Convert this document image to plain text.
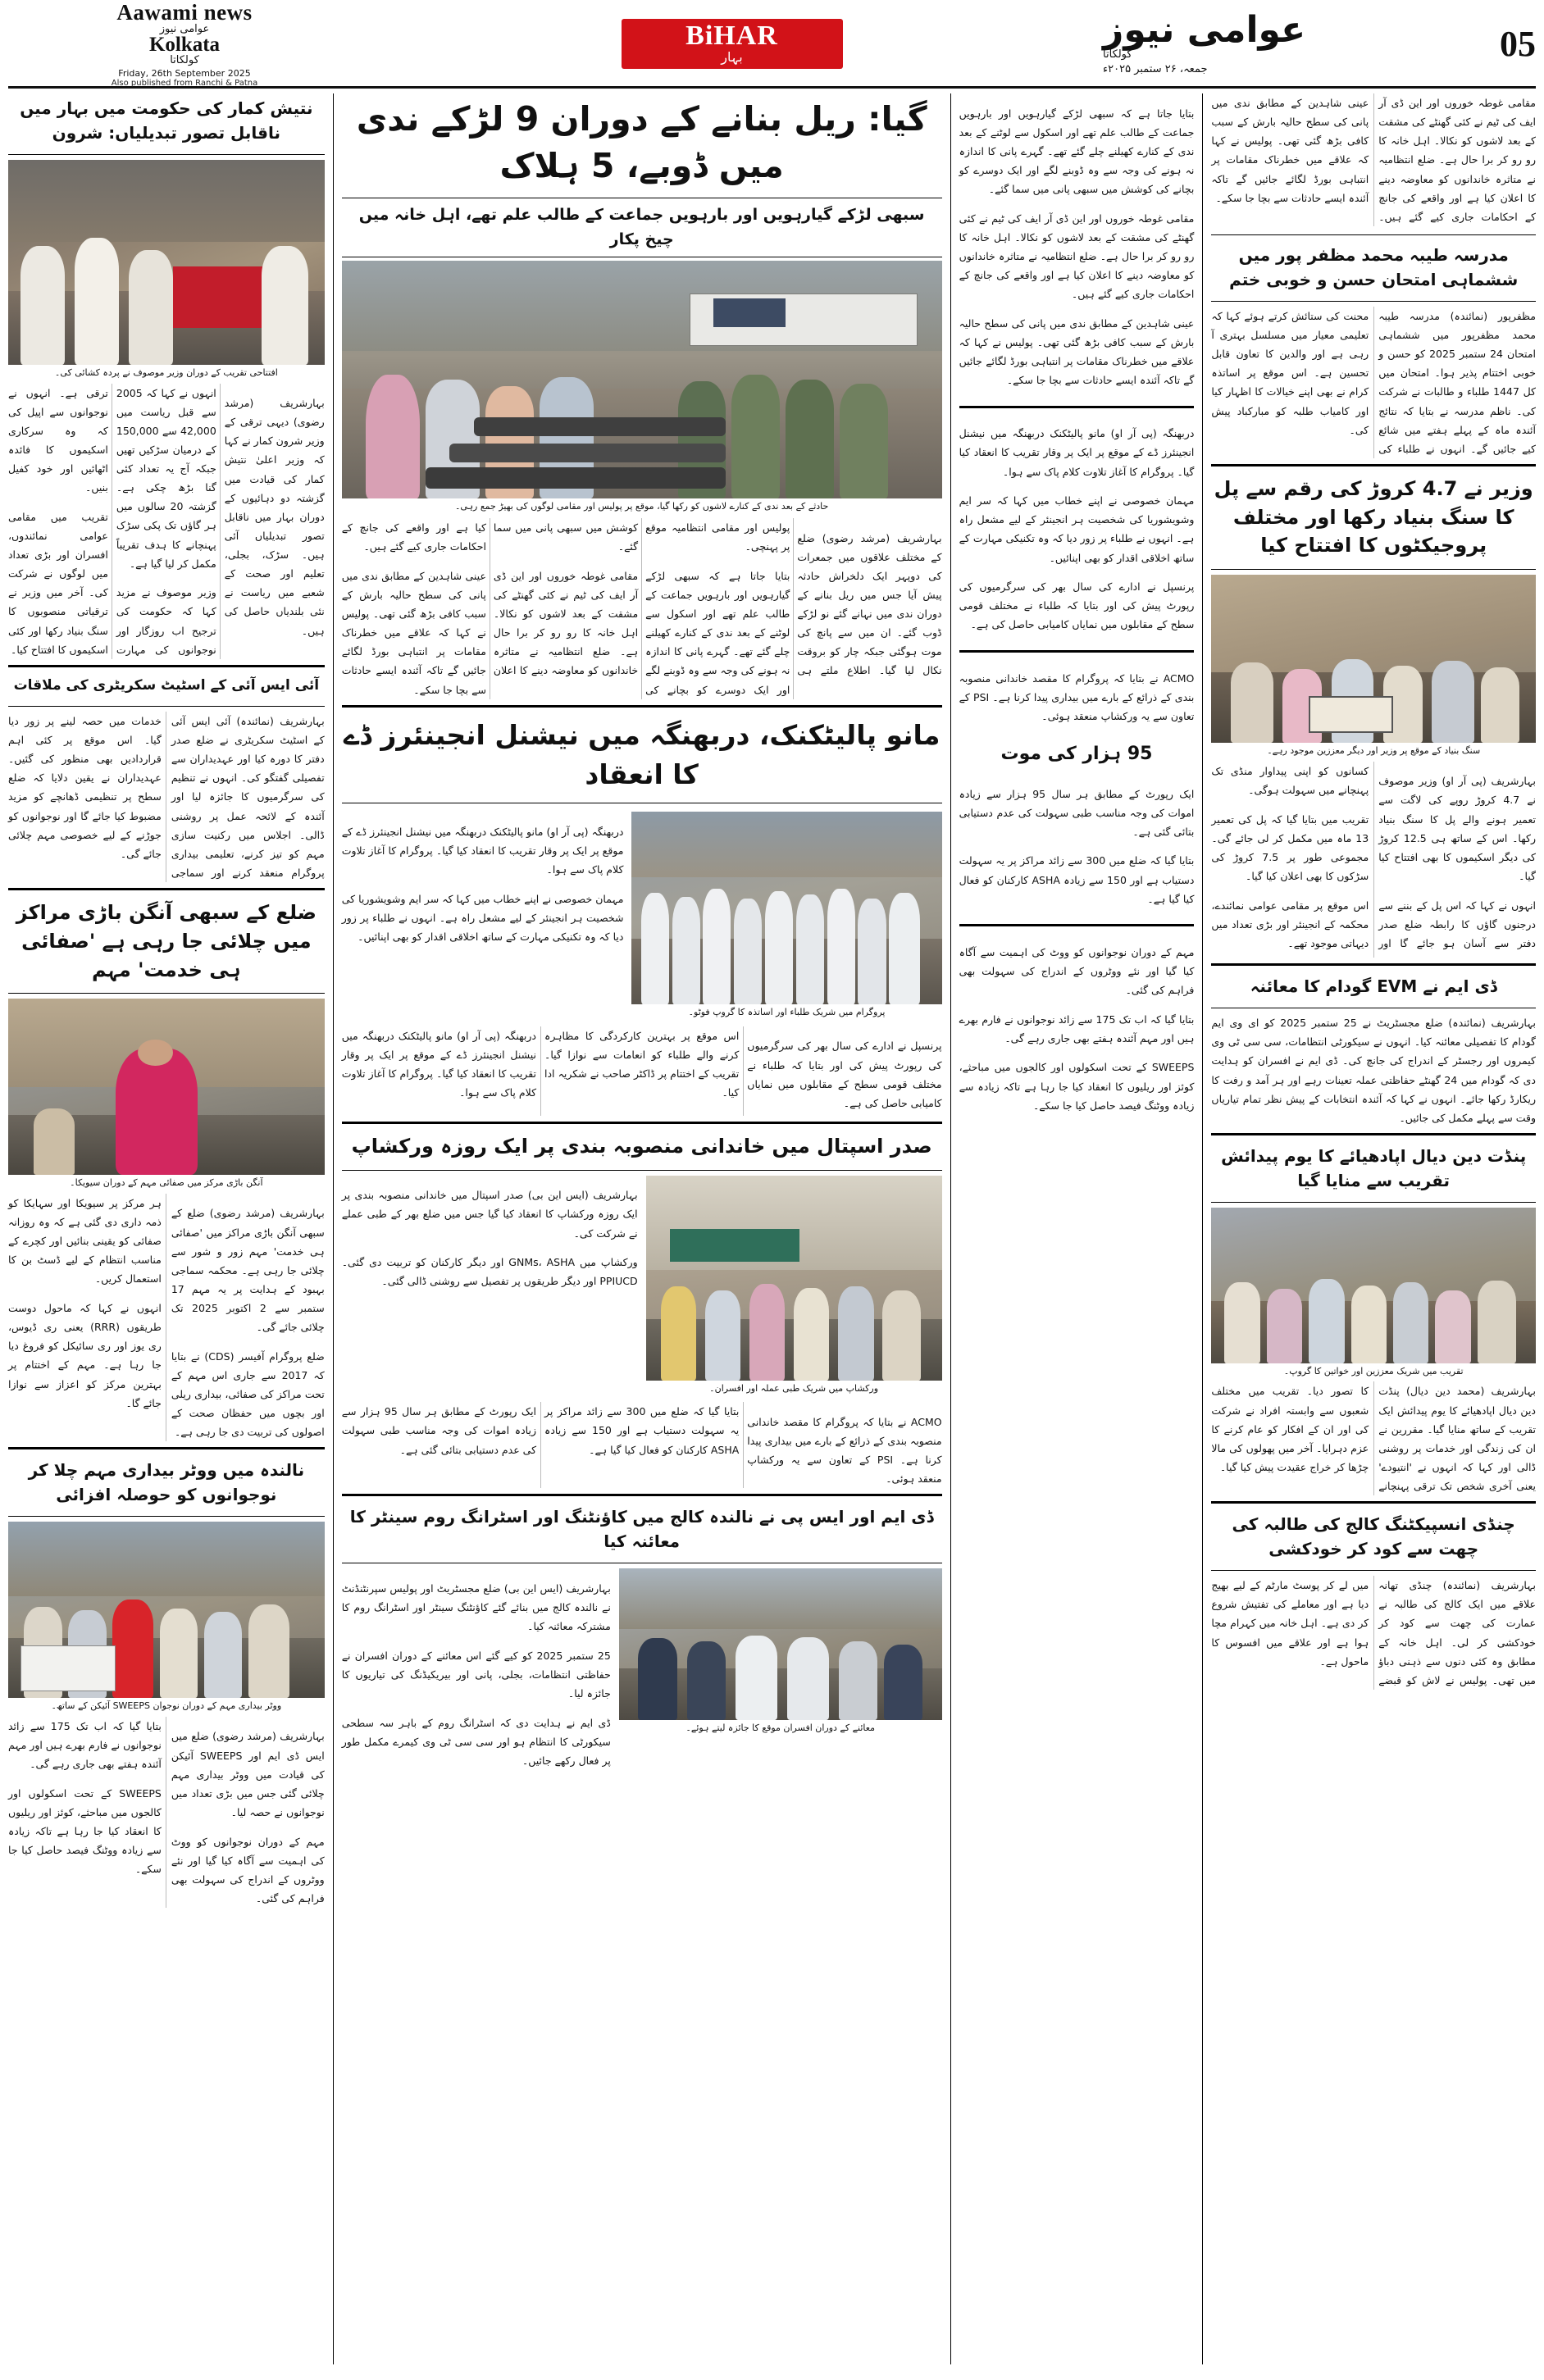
05
عوامی نیوز
کولکاتا
جمعہ، ۲۶ ستمبر ۲۰۲۵ء
BiHAR
بہار
Aawami news
عوامی نیوز
Kolkata
کولکاتا
Friday, 26th September 2025
Also published from Ranchi & Patna
مقامی غوطہ خوروں اور این ڈی آر ایف کی ٹیم نے کئی گھنٹے کی مشقت کے بعد لاشوں کو نکالا۔ اہل خانہ کا رو رو کر برا حال ہے۔ ضلع انتظامیہ نے متاثرہ خاندانوں کو معاوضہ دینے کا اعلان کیا ہے اور واقعے کی جانچ کے احکامات جاری کیے گئے ہیں۔ عینی شاہدین کے مطابق ندی میں پانی کی سطح حالیہ بارش کے سبب کافی بڑھ گئی تھی۔ پولیس نے کہا کہ علاقے میں خطرناک مقامات پر انتباہی بورڈ لگائے جائیں گے تاکہ آئندہ ایسے حادثات سے بچا جا سکے۔
مدرسہ طیبہ محمد مظفر پور میں ششماہی امتحان حسن و خوبی ختم
مظفرپور (نمائندہ) مدرسہ طیبہ محمد مظفرپور میں ششماہی امتحان 24 ستمبر 2025 کو حسن و خوبی اختتام پذیر ہوا۔ امتحان میں کل 1447 طلباء و طالبات نے شرکت کی۔ ناظم مدرسہ نے بتایا کہ نتائج آئندہ ماہ کے پہلے ہفتے میں شائع کیے جائیں گے۔ انہوں نے طلباء کی محنت کی ستائش کرتے ہوئے کہا کہ تعلیمی معیار میں مسلسل بہتری آ رہی ہے اور والدین کا تعاون قابل تحسین ہے۔ اس موقع پر اساتذہ کرام نے بھی اپنے خیالات کا اظہار کیا اور کامیاب طلبہ کو مبارکباد پیش کی۔
وزیر نے 4.7 کروڑ کی رقم سے پل کا سنگ بنیاد رکھا اور مختلف پروجیکٹوں کا افتتاح کیا
سنگ بنیاد کے موقع پر وزیر اور دیگر معززین موجود رہے۔

بہارشریف (پی آر او) وزیر موصوف نے 4.7 کروڑ روپے کی لاگت سے تعمیر ہونے والے پل کا سنگ بنیاد رکھا۔ اس کے ساتھ ہی 12.5 کروڑ کی دیگر اسکیموں کا بھی افتتاح کیا گیا۔

انہوں نے کہا کہ اس پل کے بننے سے درجنوں گاؤں کا رابطہ ضلع صدر دفتر سے آسان ہو جائے گا اور کسانوں کو اپنی پیداوار منڈی تک پہنچانے میں سہولت ہوگی۔

تقریب میں بتایا گیا کہ پل کی تعمیر 13 ماہ میں مکمل کر لی جائے گی۔ مجموعی طور پر 7.5 کروڑ کی سڑکوں کا بھی اعلان کیا گیا۔

اس موقع پر مقامی عوامی نمائندے، محکمہ کے انجینئر اور بڑی تعداد میں دیہاتی موجود تھے۔

ڈی ایم نے EVM گودام کا معائنہ
بہارشریف (نمائندہ) ضلع مجسٹریٹ نے 25 ستمبر 2025 کو ای وی ایم گودام کا تفصیلی معائنہ کیا۔ انہوں نے سیکورٹی انتظامات، سی سی ٹی وی کیمروں اور رجسٹر کے اندراج کی جانچ کی۔ ڈی ایم نے افسران کو ہدایت دی کہ گودام میں 24 گھنٹے حفاظتی عملہ تعینات رہے اور ہر آمد و رفت کا ریکارڈ رکھا جائے۔ انہوں نے کہا کہ آئندہ انتخابات کے پیش نظر تمام تیاریاں وقت سے پہلے مکمل کی جائیں۔
پنڈت دین دیال اپادھیائے کا یوم پیدائش تقریب سے منایا گیا
تقریب میں شریک معززین اور خواتین کا گروپ۔
بہارشریف (محمد دین دیال) پنڈت دین دیال اپادھیائے کا یوم پیدائش ایک تقریب کے ساتھ منایا گیا۔ مقررین نے ان کی زندگی اور خدمات پر روشنی ڈالی اور کہا کہ انہوں نے 'انتیودے' یعنی آخری شخص تک ترقی پہنچانے کا تصور دیا۔ تقریب میں مختلف شعبوں سے وابستہ افراد نے شرکت کی اور ان کے افکار کو عام کرنے کا عزم دہرایا۔ آخر میں پھولوں کی مالا چڑھا کر خراج عقیدت پیش کیا گیا۔
چنڈی انسپیکٹنگ کالج کی طالبہ کی چھت سے کود کر خودکشی
بہارشریف (نمائندہ) چنڈی تھانہ علاقے میں ایک کالج کی طالبہ نے عمارت کی چھت سے کود کر خودکشی کر لی۔ اہل خانہ کے مطابق وہ کئی دنوں سے ذہنی دباؤ میں تھی۔ پولیس نے لاش کو قبضے میں لے کر پوسٹ مارٹم کے لیے بھیج دیا ہے اور معاملے کی تفتیش شروع کر دی ہے۔ اہل خانہ میں کہرام مچا ہوا ہے اور علاقے میں افسوس کا ماحول ہے۔

بتایا جاتا ہے کہ سبھی لڑکے گیارہویں اور بارہویں جماعت کے طالب علم تھے اور اسکول سے لوٹنے کے بعد ندی کے کنارے کھیلنے چلے گئے تھے۔ گہرے پانی کا اندازہ نہ ہونے کی وجہ سے وہ ڈوبنے لگے اور ایک دوسرے کو بچانے کی کوشش میں سبھی پانی میں سما گئے۔

مقامی غوطہ خوروں اور این ڈی آر ایف کی ٹیم نے کئی گھنٹے کی مشقت کے بعد لاشوں کو نکالا۔ اہل خانہ کا رو رو کر برا حال ہے۔ ضلع انتظامیہ نے متاثرہ خاندانوں کو معاوضہ دینے کا اعلان کیا ہے اور واقعے کی جانچ کے احکامات جاری کیے گئے ہیں۔

عینی شاہدین کے مطابق ندی میں پانی کی سطح حالیہ بارش کے سبب کافی بڑھ گئی تھی۔ پولیس نے کہا کہ علاقے میں خطرناک مقامات پر انتباہی بورڈ لگائے جائیں گے تاکہ آئندہ ایسے حادثات سے بچا جا سکے۔

دربھنگہ (پی آر او) مانو پالیٹکنک دربھنگہ میں نیشنل انجینئرز ڈے کے موقع پر ایک پر وقار تقریب کا انعقاد کیا گیا۔ پروگرام کا آغاز تلاوت کلام پاک سے ہوا۔

مہمان خصوصی نے اپنے خطاب میں کہا کہ سر ایم وشویشوریا کی شخصیت ہر انجینئر کے لیے مشعل راہ ہے۔ انہوں نے طلباء پر زور دیا کہ وہ تکنیکی مہارت کے ساتھ اخلاقی اقدار کو بھی اپنائیں۔

پرنسپل نے ادارے کی سال بھر کی سرگرمیوں کی رپورٹ پیش کی اور بتایا کہ طلباء نے مختلف قومی سطح کے مقابلوں میں نمایاں کامیابی حاصل کی ہے۔

ACMO نے بتایا کہ پروگرام کا مقصد خاندانی منصوبہ بندی کے ذرائع کے بارے میں بیداری پیدا کرنا ہے۔ PSI کے تعاون سے یہ ورکشاپ منعقد ہوئی۔

95 ہزار کی موت

ایک رپورٹ کے مطابق ہر سال 95 ہزار سے زیادہ اموات کی وجہ مناسب طبی سہولت کی عدم دستیابی بتائی گئی ہے۔

بتایا گیا کہ ضلع میں 300 سے زائد مراکز پر یہ سہولت دستیاب ہے اور 150 سے زیادہ ASHA کارکنان کو فعال کیا گیا ہے۔

مہم کے دوران نوجوانوں کو ووٹ کی اہمیت سے آگاہ کیا گیا اور نئے ووٹروں کے اندراج کی سہولت بھی فراہم کی گئی۔

بتایا گیا کہ اب تک 175 سے زائد نوجوانوں نے فارم بھرے ہیں اور مہم آئندہ ہفتے بھی جاری رہے گی۔

SWEEPS کے تحت اسکولوں اور کالجوں میں مباحثے، کوئز اور ریلیوں کا انعقاد کیا جا رہا ہے تاکہ زیادہ سے زیادہ ووٹنگ فیصد حاصل کیا جا سکے۔

گیا: ریل بنانے کے دوران 9 لڑکے ندی میں ڈوبے، 5 ہلاک
سبھی لڑکے گیارہویں اور بارہویں جماعت کے طالب علم تھے، اہل خانہ میں چیخ پکار
حادثے کے بعد ندی کے کنارے لاشوں کو رکھا گیا، موقع پر پولیس اور مقامی لوگوں کی بھیڑ جمع رہی۔

بہارشریف (مرشد رضوی) ضلع کے مختلف علاقوں میں جمعرات کی دوپہر ایک دلخراش حادثہ پیش آیا جس میں ریل بنانے کے دوران ندی میں نہانے گئے نو لڑکے ڈوب گئے۔ ان میں سے پانچ کی موت ہوگئی جبکہ چار کو بروقت نکال لیا گیا۔ اطلاع ملتے ہی پولیس اور مقامی انتظامیہ موقع پر پہنچی۔

بتایا جاتا ہے کہ سبھی لڑکے گیارہویں اور بارہویں جماعت کے طالب علم تھے اور اسکول سے لوٹنے کے بعد ندی کے کنارے کھیلنے چلے گئے تھے۔ گہرے پانی کا اندازہ نہ ہونے کی وجہ سے وہ ڈوبنے لگے اور ایک دوسرے کو بچانے کی کوشش میں سبھی پانی میں سما گئے۔

مقامی غوطہ خوروں اور این ڈی آر ایف کی ٹیم نے کئی گھنٹے کی مشقت کے بعد لاشوں کو نکالا۔ اہل خانہ کا رو رو کر برا حال ہے۔ ضلع انتظامیہ نے متاثرہ خاندانوں کو معاوضہ دینے کا اعلان کیا ہے اور واقعے کی جانچ کے احکامات جاری کیے گئے ہیں۔

عینی شاہدین کے مطابق ندی میں پانی کی سطح حالیہ بارش کے سبب کافی بڑھ گئی تھی۔ پولیس نے کہا کہ علاقے میں خطرناک مقامات پر انتباہی بورڈ لگائے جائیں گے تاکہ آئندہ ایسے حادثات سے بچا جا سکے۔

مانو پالیٹکنک، دربھنگہ میں نیشنل انجینئرز ڈے کا انعقاد
پروگرام میں شریک طلباء اور اساتذہ کا گروپ فوٹو۔

دربھنگہ (پی آر او) مانو پالیٹکنک دربھنگہ میں نیشنل انجینئرز ڈے کے موقع پر ایک پر وقار تقریب کا انعقاد کیا گیا۔ پروگرام کا آغاز تلاوت کلام پاک سے ہوا۔

مہمان خصوصی نے اپنے خطاب میں کہا کہ سر ایم وشویشوریا کی شخصیت ہر انجینئر کے لیے مشعل راہ ہے۔ انہوں نے طلباء پر زور دیا کہ وہ تکنیکی مہارت کے ساتھ اخلاقی اقدار کو بھی اپنائیں۔

پرنسپل نے ادارے کی سال بھر کی سرگرمیوں کی رپورٹ پیش کی اور بتایا کہ طلباء نے مختلف قومی سطح کے مقابلوں میں نمایاں کامیابی حاصل کی ہے۔

اس موقع پر بہترین کارکردگی کا مظاہرہ کرنے والے طلباء کو انعامات سے نوازا گیا۔ تقریب کے اختتام پر ڈاکٹر صاحب نے شکریہ ادا کیا۔

دربھنگہ (پی آر او) مانو پالیٹکنک دربھنگہ میں نیشنل انجینئرز ڈے کے موقع پر ایک پر وقار تقریب کا انعقاد کیا گیا۔ پروگرام کا آغاز تلاوت کلام پاک سے ہوا۔

صدر اسپتال میں خاندانی منصوبہ بندی پر ایک روزہ ورکشاپ
ورکشاپ میں شریک طبی عملہ اور افسران۔

بہارشریف (ایس این بی) صدر اسپتال میں خاندانی منصوبہ بندی پر ایک روزہ ورکشاپ کا انعقاد کیا گیا جس میں ضلع بھر کے طبی عملے نے شرکت کی۔

ورکشاپ میں GNMs، ASHA اور دیگر کارکنان کو تربیت دی گئی۔ PPIUCD اور دیگر طریقوں پر تفصیل سے روشنی ڈالی گئی۔

ACMO نے بتایا کہ پروگرام کا مقصد خاندانی منصوبہ بندی کے ذرائع کے بارے میں بیداری پیدا کرنا ہے۔ PSI کے تعاون سے یہ ورکشاپ منعقد ہوئی۔

بتایا گیا کہ ضلع میں 300 سے زائد مراکز پر یہ سہولت دستیاب ہے اور 150 سے زیادہ ASHA کارکنان کو فعال کیا گیا ہے۔

ایک رپورٹ کے مطابق ہر سال 95 ہزار سے زیادہ اموات کی وجہ مناسب طبی سہولت کی عدم دستیابی بتائی گئی ہے۔

ڈی ایم اور ایس پی نے نالندہ کالج میں کاؤنٹنگ اور اسٹرانگ روم سینٹر کا معائنہ کیا
معائنے کے دوران افسران موقع کا جائزہ لیتے ہوئے۔

بہارشریف (ایس این بی) ضلع مجسٹریٹ اور پولیس سپرنٹنڈنٹ نے نالندہ کالج میں بنائے گئے کاؤنٹنگ سینٹر اور اسٹرانگ روم کا مشترکہ معائنہ کیا۔

25 ستمبر 2025 کو کیے گئے اس معائنے کے دوران افسران نے حفاظتی انتظامات، بجلی، پانی اور بیریکیڈنگ کی تیاریوں کا جائزہ لیا۔

ڈی ایم نے ہدایت دی کہ اسٹرانگ روم کے باہر سہ سطحی سیکورٹی کا انتظام ہو اور سی سی ٹی وی کیمرے مکمل طور پر فعال رکھے جائیں۔

نتیش کمار کی حکومت میں بہار میں ناقابل تصور تبدیلیاں: شرون
افتتاحی تقریب کے دوران وزیر موصوف نے پردہ کشائی کی۔

بہارشریف (مرشد رضوی) دیہی ترقی کے وزیر شرون کمار نے کہا کہ وزیر اعلیٰ نتیش کمار کی قیادت میں گزشتہ دو دہائیوں کے دوران بہار میں ناقابل تصور تبدیلیاں آئی ہیں۔ سڑک، بجلی، تعلیم اور صحت کے شعبے میں ریاست نے نئی بلندیاں حاصل کی ہیں۔

انہوں نے کہا کہ 2005 سے قبل ریاست میں 42,000 سے 150,000 کے درمیان سڑکیں تھیں جبکہ آج یہ تعداد کئی گنا بڑھ چکی ہے۔ گزشتہ 20 سالوں میں ہر گاؤں تک پکی سڑک پہنچانے کا ہدف تقریباً مکمل کر لیا گیا ہے۔

وزیر موصوف نے مزید کہا کہ حکومت کی ترجیح اب روزگار اور نوجوانوں کی مہارت ترقی ہے۔ انہوں نے نوجوانوں سے اپیل کی کہ وہ سرکاری اسکیموں کا فائدہ اٹھائیں اور خود کفیل بنیں۔

تقریب میں مقامی عوامی نمائندوں، افسران اور بڑی تعداد میں لوگوں نے شرکت کی۔ آخر میں وزیر نے ترقیاتی منصوبوں کا سنگ بنیاد رکھا اور کئی اسکیموں کا افتتاح کیا۔

آئی ایس آئی کے اسٹیٹ سکریٹری کی ملاقات
بہارشریف (نمائندہ) آئی ایس آئی کے اسٹیٹ سکریٹری نے ضلع صدر دفتر کا دورہ کیا اور عہدیداران سے تفصیلی گفتگو کی۔ انہوں نے تنظیم کی سرگرمیوں کا جائزہ لیا اور آئندہ کے لائحہ عمل پر روشنی ڈالی۔ اجلاس میں رکنیت سازی مہم کو تیز کرنے، تعلیمی بیداری پروگرام منعقد کرنے اور سماجی خدمات میں حصہ لینے پر زور دیا گیا۔ اس موقع پر کئی اہم قراردادیں بھی منظور کی گئیں۔ عہدیداران نے یقین دلایا کہ ضلع سطح پر تنظیمی ڈھانچے کو مزید مضبوط کیا جائے گا اور نوجوانوں کو جوڑنے کے لیے خصوصی مہم چلائی جائے گی۔
ضلع کے سبھی آنگن باڑی مراکز میں چلائی جا رہی ہے 'صفائی ہی خدمت' مہم
آنگن باڑی مرکز میں صفائی مہم کے دوران سیویکا۔

بہارشریف (مرشد رضوی) ضلع کے سبھی آنگن باڑی مراکز میں 'صفائی ہی خدمت' مہم زور و شور سے چلائی جا رہی ہے۔ محکمہ سماجی بہبود کے ہدایت پر یہ مہم 17 ستمبر سے 2 اکتوبر 2025 تک چلائی جائے گی۔

ضلع پروگرام آفیسر (CDS) نے بتایا کہ 2017 سے جاری اس مہم کے تحت مراکز کی صفائی، بیداری ریلی اور بچوں میں حفظان صحت کے اصولوں کی تربیت دی جا رہی ہے۔

ہر مرکز پر سیویکا اور سہایکا کو ذمہ داری دی گئی ہے کہ وہ روزانہ صفائی کو یقینی بنائیں اور کچرے کے مناسب انتظام کے لیے ڈسٹ بن کا استعمال کریں۔

انہوں نے کہا کہ ماحول دوست طریقوں (RRR) یعنی ری ڈیوس، ری یوز اور ری سائیکل کو فروغ دیا جا رہا ہے۔ مہم کے اختتام پر بہترین مرکز کو اعزاز سے نوازا جائے گا۔

نالندہ میں ووٹر بیداری مہم چلا کر نوجوانوں کو حوصلہ افزائی
ووٹر بیداری مہم کے دوران نوجوان SWEEPS آئیکن کے ساتھ۔

بہارشریف (مرشد رضوی) ضلع میں ایس ڈی ایم اور SWEEPS آئیکن کی قیادت میں ووٹر بیداری مہم چلائی گئی جس میں بڑی تعداد میں نوجوانوں نے حصہ لیا۔

مہم کے دوران نوجوانوں کو ووٹ کی اہمیت سے آگاہ کیا گیا اور نئے ووٹروں کے اندراج کی سہولت بھی فراہم کی گئی۔

بتایا گیا کہ اب تک 175 سے زائد نوجوانوں نے فارم بھرے ہیں اور مہم آئندہ ہفتے بھی جاری رہے گی۔

SWEEPS کے تحت اسکولوں اور کالجوں میں مباحثے، کوئز اور ریلیوں کا انعقاد کیا جا رہا ہے تاکہ زیادہ سے زیادہ ووٹنگ فیصد حاصل کیا جا سکے۔
